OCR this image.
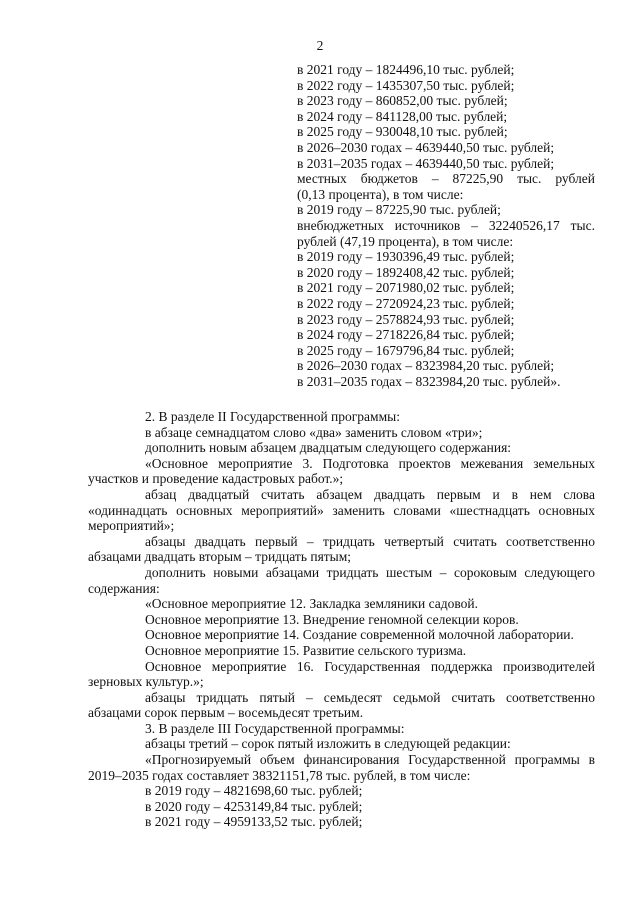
2
в 2021 году – 1824496,10 тыс. рублей;
в 2022 году – 1435307,50 тыс. рублей;
в 2023 году – 860852,00 тыс. рублей;
в 2024 году – 841128,00 тыс. рублей;
в 2025 году – 930048,10 тыс. рублей;
в 2026–2030 годах – 4639440,50 тыс. рублей;
в 2031–2035 годах – 4639440,50 тыс. рублей;
местных бюджетов – 87225,90 тыс. рублей
(0,13 процента), в том числе:
в 2019 году – 87225,90 тыс. рублей;
внебюджетных источников – 32240526,17 тыс.
рублей (47,19 процента), в том числе:
в 2019 году – 1930396,49 тыс. рублей;
в 2020 году – 1892408,42 тыс. рублей;
в 2021 году – 2071980,02 тыс. рублей;
в 2022 году – 2720924,23 тыс. рублей;
в 2023 году – 2578824,93 тыс. рублей;
в 2024 году – 2718226,84 тыс. рублей;
в 2025 году – 1679796,84 тыс. рублей;
в 2026–2030 годах – 8323984,20 тыс. рублей;
в 2031–2035 годах – 8323984,20 тыс. рублей».

2. В разделе II Государственной программы:

в абзаце семнадцатом слово «два» заменить словом «три»;

дополнить новым абзацем двадцатым следующего содержания:

«Основное мероприятие 3. Подготовка проектов межевания земельных участков и проведение кадастровых работ.»;

абзац двадцатый считать абзацем двадцать первым и в нем слова «одиннадцать основных мероприятий» заменить словами «шестнадцать основных мероприятий»;

абзацы двадцать первый – тридцать четвертый считать соответственно абзацами двадцать вторым – тридцать пятым;

дополнить новыми абзацами тридцать шестым – сороковым следующего содержания:

«Основное мероприятие 12. Закладка земляники садовой.

Основное мероприятие 13. Внедрение геномной селекции коров.

Основное мероприятие 14. Создание современной молочной лаборатории.

Основное мероприятие 15. Развитие сельского туризма.

Основное мероприятие 16. Государственная поддержка производителей зерновых культур.»;

абзацы тридцать пятый – семьдесят седьмой считать соответственно абзацами сорок первым – восемьдесят третьим.

3. В разделе III Государственной программы:

абзацы третий – сорок пятый изложить в следующей редакции:

«Прогнозируемый объем финансирования Государственной программы в 2019–2035 годах составляет 38321151,78 тыс. рублей, в том числе:

в 2019 году – 4821698,60 тыс. рублей;

в 2020 году – 4253149,84 тыс. рублей;

в 2021 году – 4959133,52 тыс. рублей;
